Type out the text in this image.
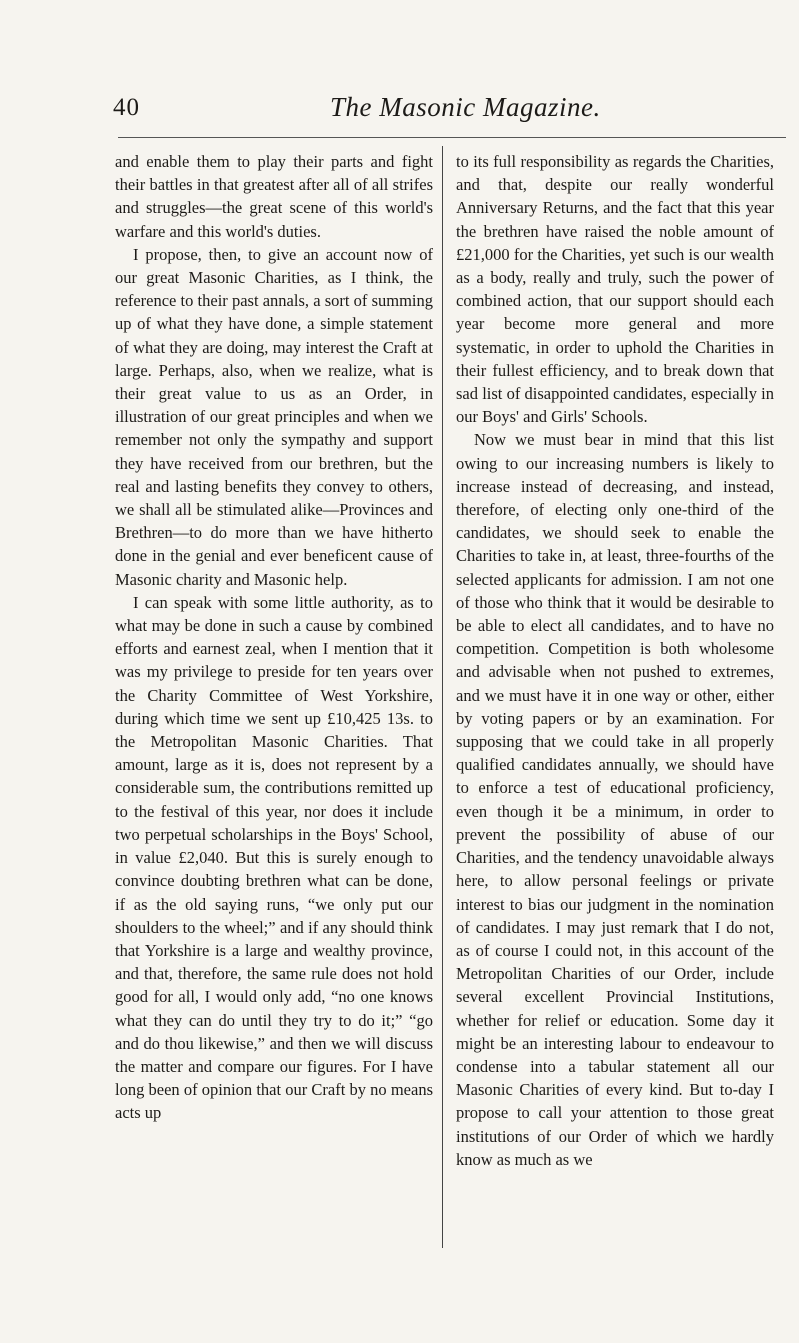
40	The Masonic Magazine.

and enable them to play their parts and fight their battles in that greatest after all of all strifes and struggles—the great scene of this world's warfare and this world's duties.

I propose, then, to give an account now of our great Masonic Charities, as I think, the reference to their past annals, a sort of summing up of what they have done, a simple statement of what they are doing, may interest the Craft at large. Perhaps, also, when we realize, what is their great value to us as an Order, in illustration of our great principles and when we remember not only the sympathy and support they have received from our brethren, but the real and lasting benefits they convey to others, we shall all be stimulated alike—Provinces and Brethren—to do more than we have hitherto done in the genial and ever beneficent cause of Masonic charity and Masonic help.

I can speak with some little authority, as to what may be done in such a cause by combined efforts and earnest zeal, when I mention that it was my privilege to preside for ten years over the Charity Committee of West Yorkshire, during which time we sent up £10,425 13s. to the Metropolitan Masonic Charities. That amount, large as it is, does not represent by a considerable sum, the contributions remitted up to the festival of this year, nor does it include two perpetual scholarships in the Boys' School, in value £2,040. But this is surely enough to convince doubting brethren what can be done, if as the old saying runs, “we only put our shoulders to the wheel;” and if any should think that Yorkshire is a large and wealthy province, and that, therefore, the same rule does not hold good for all, I would only add, “no one knows what they can do until they try to do it;” “go and do thou likewise,” and then we will discuss the matter and compare our figures. For I have long been of opinion that our Craft by no means acts up

to its full responsibility as regards the Charities, and that, despite our really wonderful Anniversary Returns, and the fact that this year the brethren have raised the noble amount of £21,000 for the Charities, yet such is our wealth as a body, really and truly, such the power of combined action, that our support should each year become more general and more systematic, in order to uphold the Charities in their fullest efficiency, and to break down that sad list of disappointed candidates, especially in our Boys' and Girls' Schools.

Now we must bear in mind that this list owing to our increasing numbers is likely to increase instead of decreasing, and instead, therefore, of electing only one-third of the candidates, we should seek to enable the Charities to take in, at least, three-fourths of the selected applicants for admission. I am not one of those who think that it would be desirable to be able to elect all candidates, and to have no competition. Competition is both wholesome and advisable when not pushed to extremes, and we must have it in one way or other, either by voting papers or by an examination. For supposing that we could take in all properly qualified candidates annually, we should have to enforce a test of educational proficiency, even though it be a minimum, in order to prevent the possibility of abuse of our Charities, and the tendency unavoidable always here, to allow personal feelings or private interest to bias our judgment in the nomination of candidates. I may just remark that I do not, as of course I could not, in this account of the Metropolitan Charities of our Order, include several excellent Provincial Institutions, whether for relief or education. Some day it might be an interesting labour to endeavour to condense into a tabular statement all our Masonic Charities of every kind. But to-day I propose to call your attention to those great institutions of our Order of which we hardly know as much as we
